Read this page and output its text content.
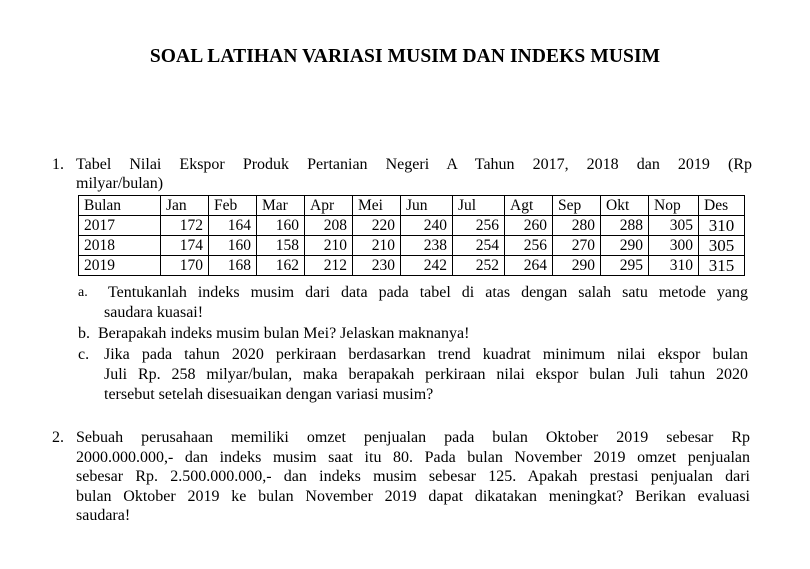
SOAL LATIHAN VARIASI MUSIM DAN INDEKS MUSIM
1. Tabel Nilai Ekspor Produk Pertanian Negeri A Tahun 2017, 2018 dan 2019 (Rp
milyar/bulan)
Bulan	Jan	Feb	Mar	Apr	Mei	Jun	Jul	Agt	Sep	Okt	Nop	Des
2017	172	164	160	208	220	240	256	260	280	288	305	310
2018	174	160	158	210	210	238	254	256	270	290	300	305
2019	170	168	162	212	230	242	252	264	290	295	310	315
a. Tentukanlah indeks musim dari data pada tabel di atas dengan salah satu metode yang
saudara kuasai!
b. Berapakah indeks musim bulan Mei? Jelaskan maknanya!
c. Jika pada tahun 2020 perkiraan berdasarkan trend kuadrat minimum nilai ekspor bulan
Juli Rp. 258 milyar/bulan, maka berapakah perkiraan nilai ekspor bulan Juli tahun 2020
tersebut setelah disesuaikan dengan variasi musim?
2. Sebuah perusahaan memiliki omzet penjualan pada bulan Oktober 2019 sebesar Rp
2000.000.000,- dan indeks musim saat itu 80. Pada bulan November 2019 omzet penjualan
sebesar Rp. 2.500.000.000,- dan indeks musim sebesar 125. Apakah prestasi penjualan dari
bulan Oktober 2019 ke bulan November 2019 dapat dikatakan meningkat? Berikan evaluasi
saudara!
